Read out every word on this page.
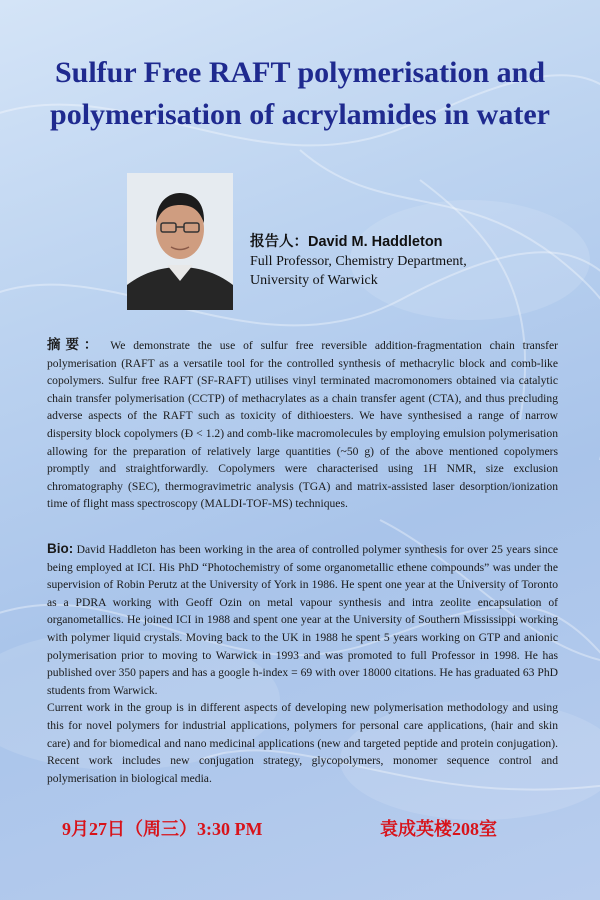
Sulfur Free RAFT polymerisation and
polymerisation of acrylamides in water
报告人：David M. Haddleton
Full Professor, Chemistry Department,
University of Warwick
摘要： We demonstrate the use of sulfur free reversible addition-fragmentation chain transfer polymerisation (RAFT as a versatile tool for the controlled synthesis of methacrylic block and comb-like copolymers. Sulfur free RAFT (SF-RAFT) utilises vinyl terminated macromonomers obtained via catalytic chain transfer polymerisation (CCTP) of methacrylates as a chain transfer agent (CTA), and thus precluding adverse aspects of the RAFT such as toxicity of dithioesters. We have synthesised a range of narrow dispersity block copolymers (Đ < 1.2) and comb-like macromolecules by employing emulsion polymerisation allowing for the preparation of relatively large quantities (~50 g) of the above mentioned copolymers promptly and straightforwardly. Copolymers were characterised using 1H NMR, size exclusion chromatography (SEC), thermogravimetric analysis (TGA) and matrix-assisted laser desorption/ionization time of flight mass spectroscopy (MALDI-TOF-MS) techniques.

Bio: David Haddleton has been working in the area of controlled polymer synthesis for over 25 years since being employed at ICI. His PhD “Photochemistry of some organometallic ethene compounds” was under the supervision of Robin Perutz at the University of York in 1986. He spent one year at the University of Toronto as a PDRA working with Geoff Ozin on metal vapour synthesis and intra zeolite encapsulation of organometallics. He joined ICI in 1988 and spent one year at the University of Southern Mississippi working with polymer liquid crystals. Moving back to the UK in 1988 he spent 5 years working on GTP and anionic polymerisation prior to moving to Warwick in 1993 and was promoted to full Professor in 1998. He has published over 350 papers and has a google h-index = 69 with over 18000 citations. He has graduated 63 PhD students from Warwick.

Current work in the group is in different aspects of developing new polymerisation methodology and using this for novel polymers for industrial applications, polymers for personal care applications, (hair and skin care) and for biomedical and nano medicinal applications (new and targeted peptide and protein conjugation). Recent work includes new conjugation strategy, glycopolymers, monomer sequence control and polymerisation in biological media.

9月27日（周三）3:30 PM	袁成英楼208室
